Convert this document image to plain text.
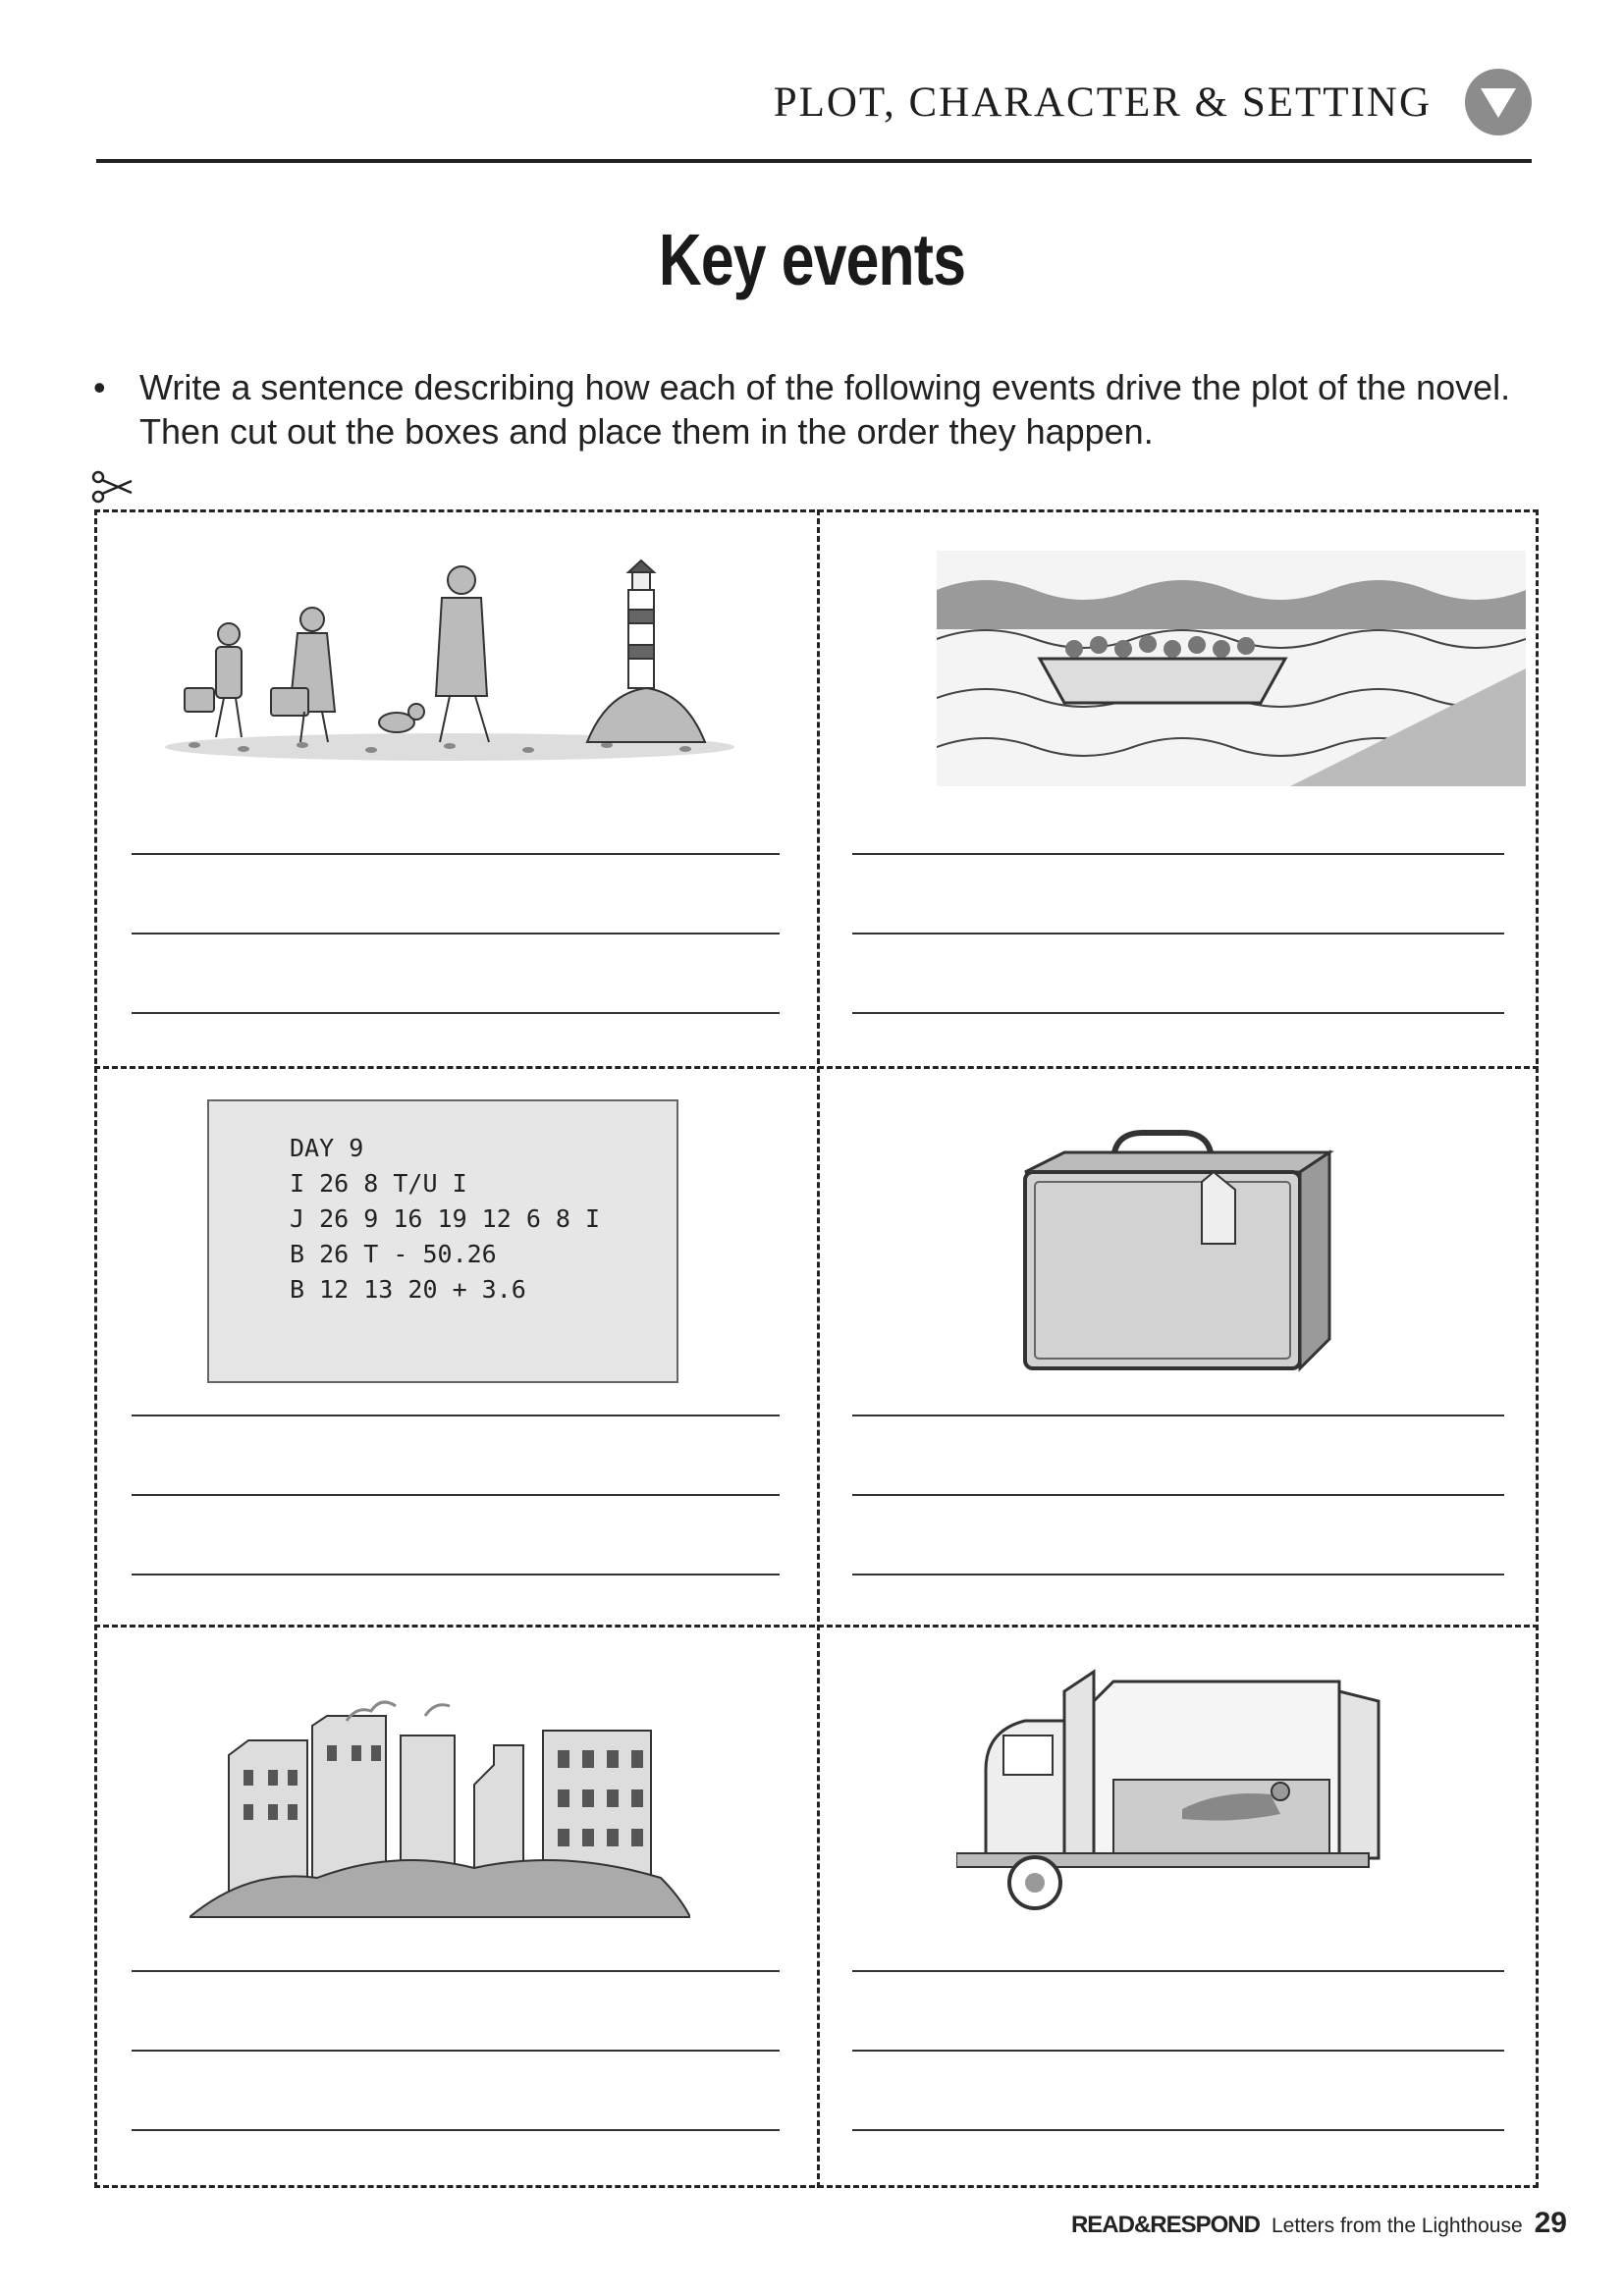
PLOT, CHARACTER & SETTING
Key events
• Write a sentence describing how each of the following events drive the plot of the novel. Then cut out the boxes and place them in the order they happen.
DAY 9
I 26 8 T/U I
J 26 9 16 19 12 6 8 I
B 26 T - 50.26
B 12 13 20 + 3.6
READ&RESPOND Letters from the Lighthouse 29
